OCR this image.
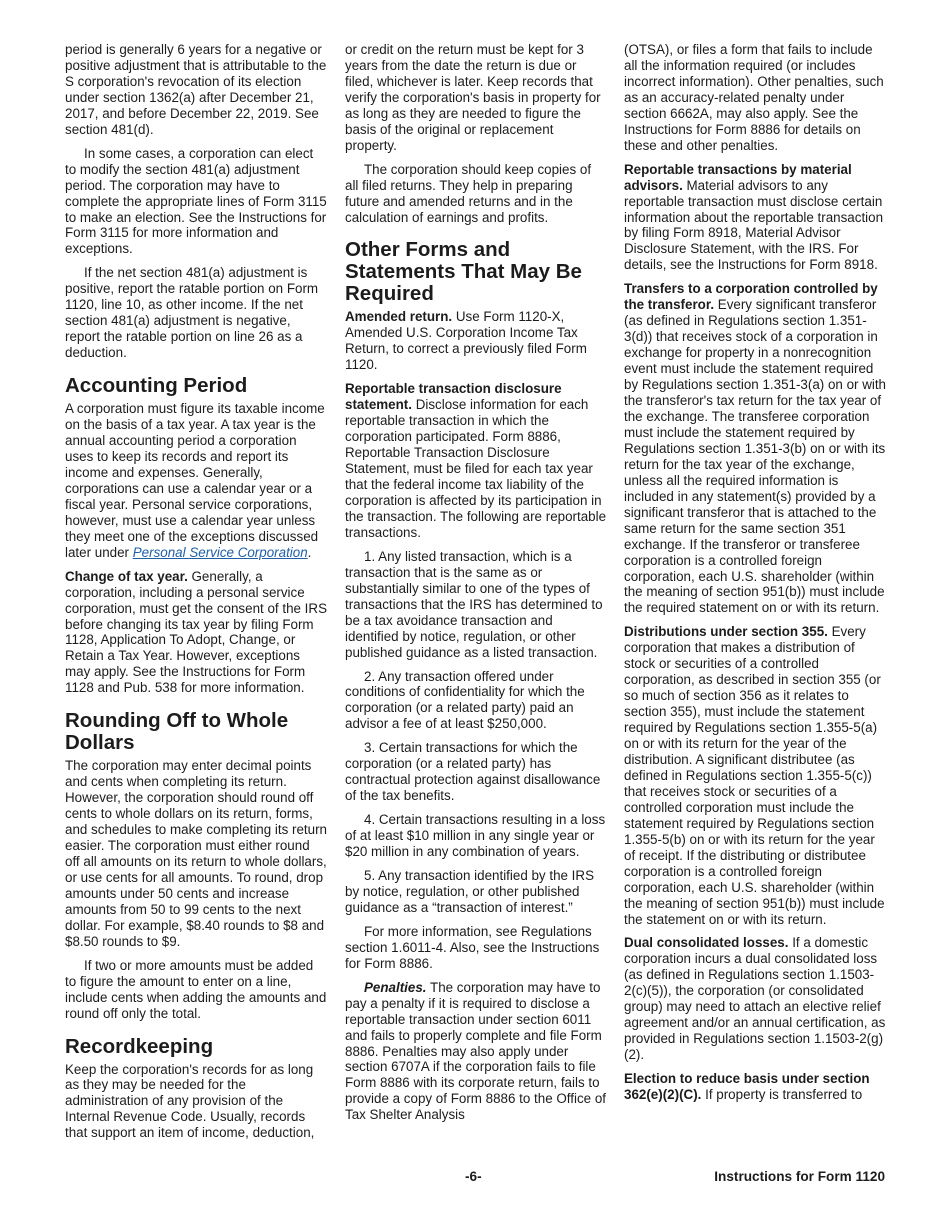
period is generally 6 years for a negative or positive adjustment that is attributable to the S corporation's revocation of its election under section 1362(a) after December 21, 2017, and before December 22, 2019. See section 481(d).

In some cases, a corporation can elect to modify the section 481(a) adjustment period. The corporation may have to complete the appropriate lines of Form 3115 to make an election. See the Instructions for Form 3115 for more information and exceptions.

If the net section 481(a) adjustment is positive, report the ratable portion on Form 1120, line 10, as other income. If the net section 481(a) adjustment is negative, report the ratable portion on line 26 as a deduction.

Accounting Period

A corporation must figure its taxable income on the basis of a tax year. A tax year is the annual accounting period a corporation uses to keep its records and report its income and expenses. Generally, corporations can use a calendar year or a fiscal year. Personal service corporations, however, must use a calendar year unless they meet one of the exceptions discussed later under Personal Service Corporation.

Change of tax year. Generally, a corporation, including a personal service corporation, must get the consent of the IRS before changing its tax year by filing Form 1128, Application To Adopt, Change, or Retain a Tax Year. However, exceptions may apply. See the Instructions for Form 1128 and Pub. 538 for more information.

Rounding Off to Whole Dollars

The corporation may enter decimal points and cents when completing its return. However, the corporation should round off cents to whole dollars on its return, forms, and schedules to make completing its return easier. The corporation must either round off all amounts on its return to whole dollars, or use cents for all amounts. To round, drop amounts under 50 cents and increase amounts from 50 to 99 cents to the next dollar. For example, $8.40 rounds to $8 and $8.50 rounds to $9.

If two or more amounts must be added to figure the amount to enter on a line, include cents when adding the amounts and round off only the total.

Recordkeeping

Keep the corporation's records for as long as they may be needed for the administration of any provision of the Internal Revenue Code. Usually, records that support an item of income, deduction,

or credit on the return must be kept for 3 years from the date the return is due or filed, whichever is later. Keep records that verify the corporation's basis in property for as long as they are needed to figure the basis of the original or replacement property.

The corporation should keep copies of all filed returns. They help in preparing future and amended returns and in the calculation of earnings and profits.

Other Forms and Statements That May Be Required

Amended return. Use Form 1120-X, Amended U.S. Corporation Income Tax Return, to correct a previously filed Form 1120.

Reportable transaction disclosure statement. Disclose information for each reportable transaction in which the corporation participated. Form 8886, Reportable Transaction Disclosure Statement, must be filed for each tax year that the federal income tax liability of the corporation is affected by its participation in the transaction. The following are reportable transactions.

1. Any listed transaction, which is a transaction that is the same as or substantially similar to one of the types of transactions that the IRS has determined to be a tax avoidance transaction and identified by notice, regulation, or other published guidance as a listed transaction.

2. Any transaction offered under conditions of confidentiality for which the corporation (or a related party) paid an advisor a fee of at least $250,000.

3. Certain transactions for which the corporation (or a related party) has contractual protection against disallowance of the tax benefits.

4. Certain transactions resulting in a loss of at least $10 million in any single year or $20 million in any combination of years.

5. Any transaction identified by the IRS by notice, regulation, or other published guidance as a “transaction of interest.”

For more information, see Regulations section 1.6011-4. Also, see the Instructions for Form 8886.

Penalties. The corporation may have to pay a penalty if it is required to disclose a reportable transaction under section 6011 and fails to properly complete and file Form 8886. Penalties may also apply under section 6707A if the corporation fails to file Form 8886 with its corporate return, fails to provide a copy of Form 8886 to the Office of Tax Shelter Analysis

(OTSA), or files a form that fails to include all the information required (or includes incorrect information). Other penalties, such as an accuracy-related penalty under section 6662A, may also apply. See the Instructions for Form 8886 for details on these and other penalties.

Reportable transactions by material advisors. Material advisors to any reportable transaction must disclose certain information about the reportable transaction by filing Form 8918, Material Advisor Disclosure Statement, with the IRS. For details, see the Instructions for Form 8918.

Transfers to a corporation controlled by the transferor. Every significant transferor (as defined in Regulations section 1.351-3(d)) that receives stock of a corporation in exchange for property in a nonrecognition event must include the statement required by Regulations section 1.351-3(a) on or with the transferor's tax return for the tax year of the exchange. The transferee corporation must include the statement required by Regulations section 1.351-3(b) on or with its return for the tax year of the exchange, unless all the required information is included in any statement(s) provided by a significant transferor that is attached to the same return for the same section 351 exchange. If the transferor or transferee corporation is a controlled foreign corporation, each U.S. shareholder (within the meaning of section 951(b)) must include the required statement on or with its return.

Distributions under section 355. Every corporation that makes a distribution of stock or securities of a controlled corporation, as described in section 355 (or so much of section 356 as it relates to section 355), must include the statement required by Regulations section 1.355-5(a) on or with its return for the year of the distribution. A significant distributee (as defined in Regulations section 1.355-5(c)) that receives stock or securities of a controlled corporation must include the statement required by Regulations section 1.355-5(b) on or with its return for the year of receipt. If the distributing or distributee corporation is a controlled foreign corporation, each U.S. shareholder (within the meaning of section 951(b)) must include the statement on or with its return.

Dual consolidated losses. If a domestic corporation incurs a dual consolidated loss (as defined in Regulations section 1.1503-2(c)(5)), the corporation (or consolidated group) may need to attach an elective relief agreement and/or an annual certification, as provided in Regulations section 1.1503-2(g)(2).

Election to reduce basis under section 362(e)(2)(C). If property is transferred to

-6-	Instructions for Form 1120
